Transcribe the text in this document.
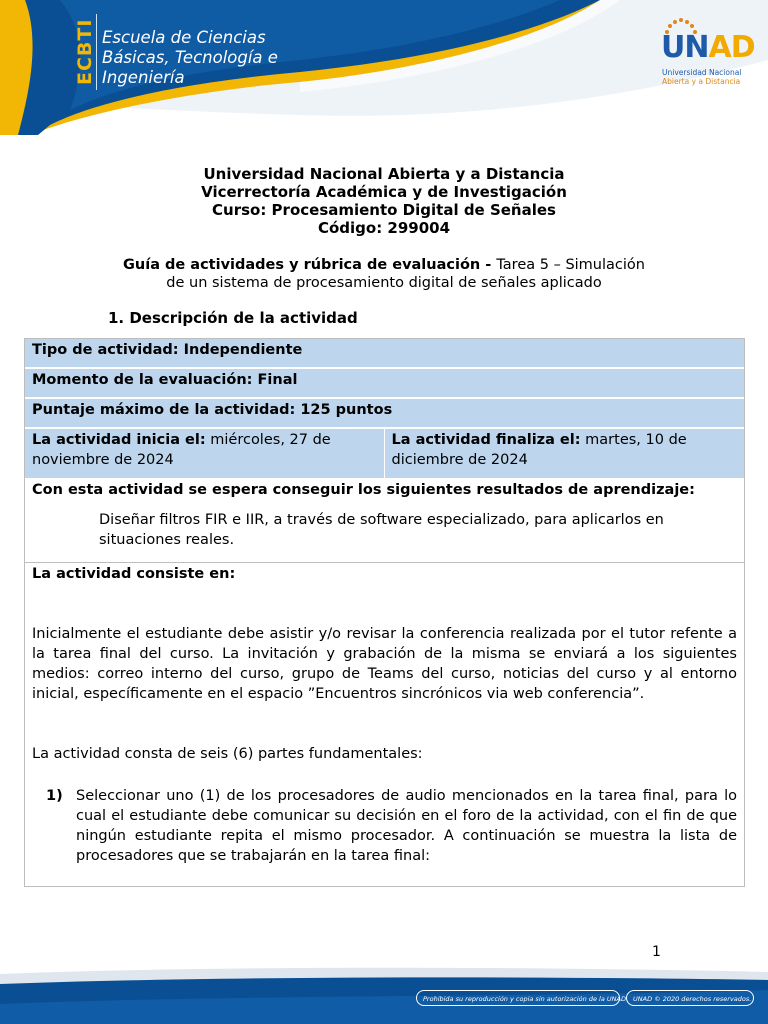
ECBTI Escuela de Ciencias
Básicas, Tecnología e
Ingeniería
UNAD
Universidad Nacional
Abierta y a Distancia
Universidad Nacional Abierta y a Distancia
Vicerrectoría Académica y de Investigación
Curso: Procesamiento Digital de Señales
Código: 299004
Guía de actividades y rúbrica de evaluación - Tarea 5 – Simulación
de un sistema de procesamiento digital de señales aplicado
1. Descripción de la actividad
Tipo de actividad: Independiente
Momento de la evaluación: Final
Puntaje máximo de la actividad: 125 puntos
La actividad inicia el: miércoles, 27 de noviembre de 2024
La actividad finaliza el: martes, 10 de diciembre de 2024
Con esta actividad se espera conseguir los siguientes resultados de aprendizaje:
Diseñar filtros FIR e IIR, a través de software especializado, para aplicarlos en situaciones reales.
La actividad consiste en:
Inicialmente el estudiante debe asistir y/o revisar la conferencia realizada por el tutor refente a la tarea final del curso. La invitación y grabación de la misma se enviará a los siguientes medios: correo interno del curso, grupo de Teams del curso, noticias del curso y al entorno inicial, específicamente en el espacio ”Encuentros sincrónicos via web conferencia”.
La actividad consta de seis (6) partes fundamentales:
1) Seleccionar uno (1) de los procesadores de audio mencionados en la tarea final, para lo cual el estudiante debe comunicar su decisión en el foro de la actividad, con el fin de que ningún estudiante repita el mismo procesador. A continuación se muestra la lista de procesadores que se trabajarán en la tarea final:
1
Prohibida su reproducción y copia sin autorización de la UNAD. UNAD © 2020 derechos reservados.
